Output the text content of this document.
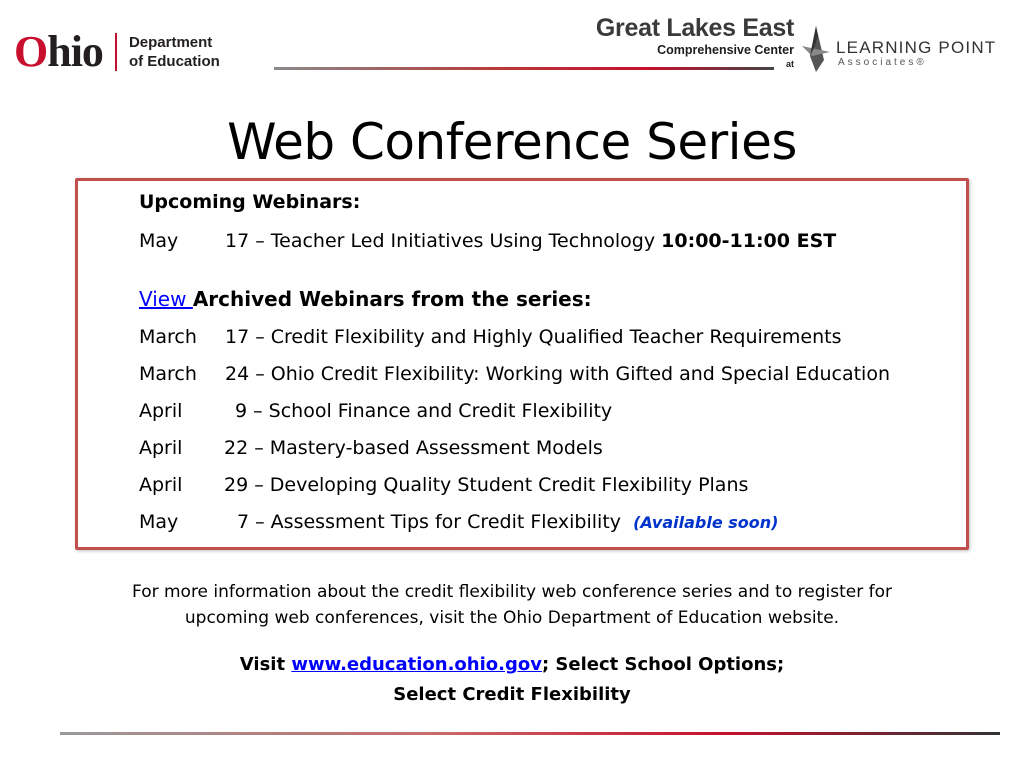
Ohio Department
of Education
Great Lakes East
Comprehensive Center
at
LEARNING POINT
Associates®
Web Conference Series
Upcoming Webinars:
May 17 – Teacher Led Initiatives Using Technology 10:00-11:00 EST
View Archived Webinars from the series:
March 17 – Credit Flexibility and Highly Qualified Teacher Requirements
March 24 – Ohio Credit Flexibility: Working with Gifted and Special Education
April	9 – School Finance and Credit Flexibility
April 22 – Mastery-based Assessment Models
April 29 – Developing Quality Student Credit Flexibility Plans
May	7 – Assessment Tips for Credit Flexibility (Available soon)
For more information about the credit flexibility web conference series and to register for
upcoming web conferences, visit the Ohio Department of Education website.
Visit www.education.ohio.gov; Select School Options;
Select Credit Flexibility
